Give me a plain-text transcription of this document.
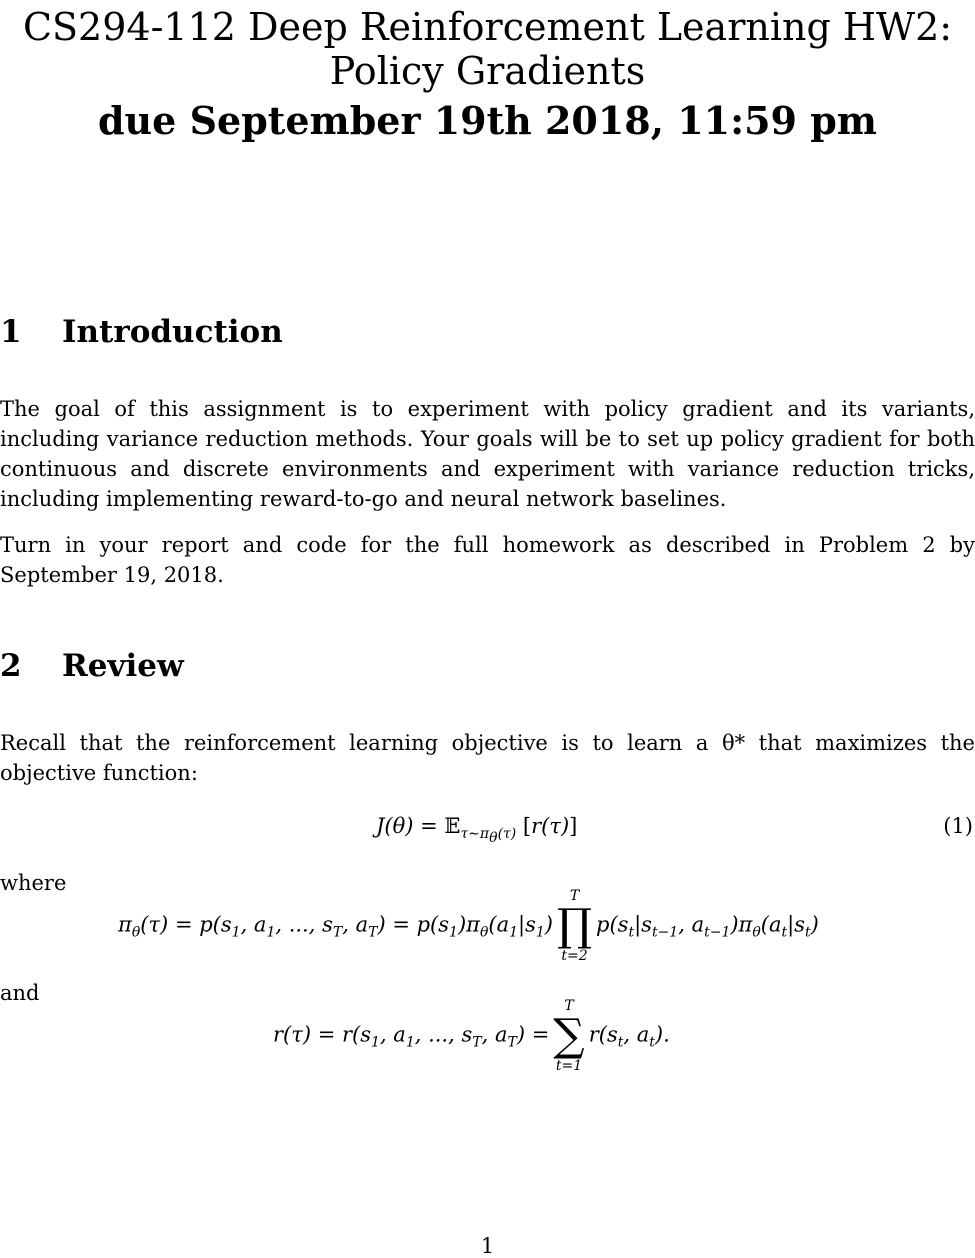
CS294-112 Deep Reinforcement Learning HW2:
Policy Gradients
due September 19th 2018, 11:59 pm
1 Introduction
The goal of this assignment is to experiment with policy gradient and its variants, including variance reduction methods. Your goals will be to set up policy gradient for both continuous and discrete environments and experiment with variance reduction tricks, including implementing reward-to-go and neural network baselines.
Turn in your report and code for the full homework as described in Problem 2 by September 19, 2018.
2 Review
Recall that the reinforcement learning objective is to learn a θ* that maximizes the objective function:
J(θ) = 𝔼$_{\tau\sim\pi_\theta(\tau)}$ [r(τ)]	(1)
where
$\pi_\theta(\tau) = p(s_1$, $a_1$, ..., $s_T$, $a_T) = p(s_1)\pi_\theta(a_1|s_1)$
T
∏
t=2
$p(s_t|s_{t-1}$, $a_{t-1})\pi_\theta(a_t|s_t)$
and
$r(\tau) = r(s_1$, $a_1$, ..., $s_T$, $a_T$) =
T
∑
t=1
$r(s_t$, $a_t$).
1
